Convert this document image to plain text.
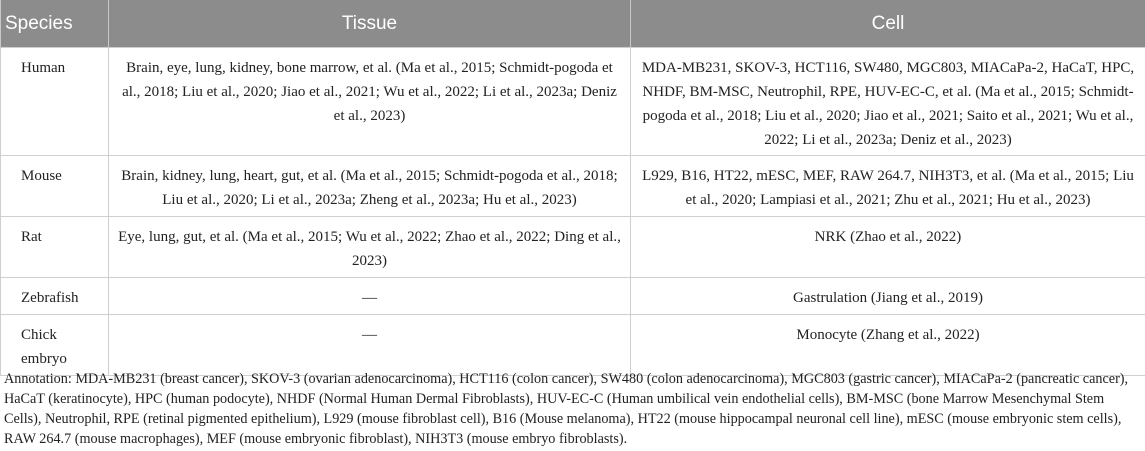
Species	Tissue	Cell
Human	Brain, eye, lung, kidney, bone marrow, et al. (Ma et al., 2015; Schmidt-pogoda et al., 2018; Liu et al., 2020; Jiao et al., 2021; Wu et al., 2022; Li et al., 2023a; Deniz et al., 2023)	MDA-MB231, SKOV-3, HCT116, SW480, MGC803, MIACaPa-2, HaCaT, HPC, NHDF, BM-MSC, Neutrophil, RPE, HUV-EC-C, et al. (Ma et al., 2015; Schmidt-pogoda et al., 2018; Liu et al., 2020; Jiao et al., 2021; Saito et al., 2021; Wu et al., 2022; Li et al., 2023a; Deniz et al., 2023)
Mouse	Brain, kidney, lung, heart, gut, et al. (Ma et al., 2015; Schmidt-pogoda et al., 2018; Liu et al., 2020; Li et al., 2023a; Zheng et al., 2023a; Hu et al., 2023)	L929, B16, HT22, mESC, MEF, RAW 264.7, NIH3T3, et al. (Ma et al., 2015; Liu et al., 2020; Lampiasi et al., 2021; Zhu et al., 2021; Hu et al., 2023)
Rat	Eye, lung, gut, et al. (Ma et al., 2015; Wu et al., 2022; Zhao et al., 2022; Ding et al., 2023)	NRK (Zhao et al., 2022)
Zebrafish	—	Gastrulation (Jiang et al., 2019)
Chick embryo	—	Monocyte (Zhang et al., 2022)

Annotation: MDA-MB231 (breast cancer), SKOV-3 (ovarian adenocarcinoma), HCT116 (colon cancer), SW480 (colon adenocarcinoma), MGC803 (gastric cancer), MIACaPa-2 (pancreatic cancer), HaCaT (keratinocyte), HPC (human podocyte), NHDF (Normal Human Dermal Fibroblasts), HUV-EC-C (Human umbilical vein endothelial cells), BM-MSC (bone Marrow Mesenchymal Stem Cells), Neutrophil, RPE (retinal pigmented epithelium), L929 (mouse fibroblast cell), B16 (Mouse melanoma), HT22 (mouse hippocampal neuronal cell line), mESC (mouse embryonic stem cells), RAW 264.7 (mouse macrophages), MEF (mouse embryonic fibroblast), NIH3T3 (mouse embryo fibroblasts).
